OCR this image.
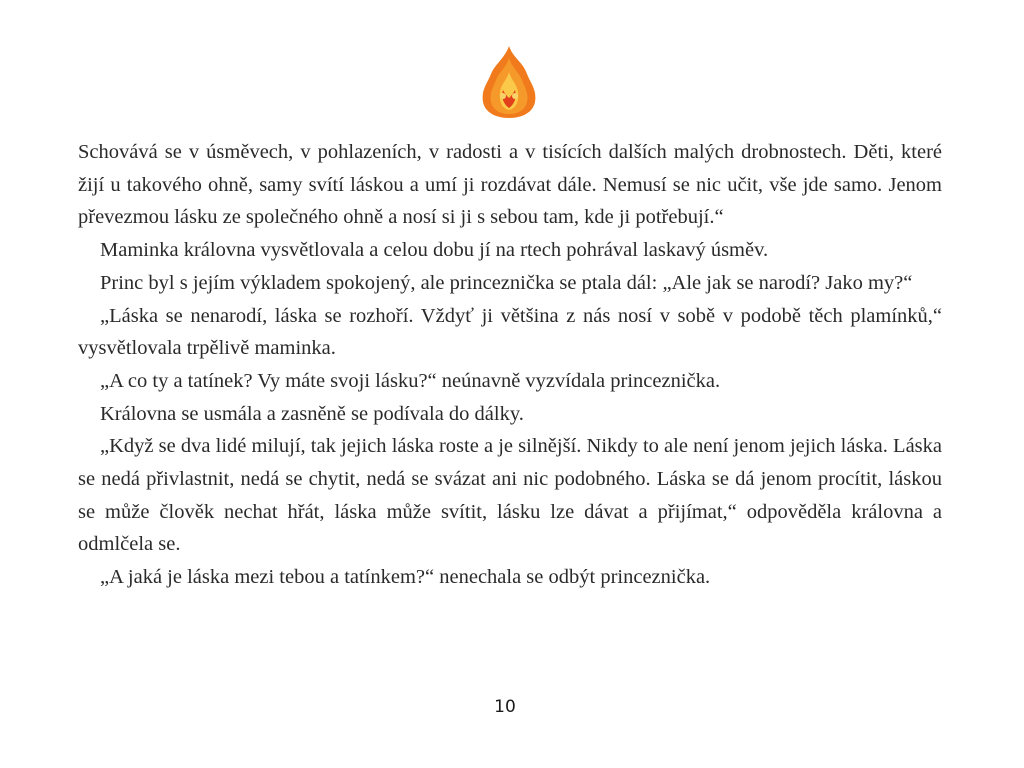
Schovává se v úsměvech, v pohlazeních, v radosti a v tisících dalších malých drobnostech. Děti, které žijí u takového ohně, samy svítí láskou a umí ji rozdávat dále. Nemusí se nic učit, vše jde samo. Jenom převezmou lásku ze společného ohně a nosí si ji s sebou tam, kde ji potřebují.“

Maminka královna vysvětlovala a celou dobu jí na rtech pohrával laskavý úsměv.

Princ byl s jejím výkladem spokojený, ale princeznička se ptala dál: „Ale jak se narodí? Jako my?“

„Láska se nenarodí, láska se rozhoří. Vždyť ji většina z nás nosí v sobě v podobě těch plamínků,“ vysvětlovala trpělivě maminka.

„A co ty a tatínek? Vy máte svoji lásku?“ neúnavně vyzvídala princeznička.

Královna se usmála a zasněně se podívala do dálky.

„Když se dva lidé milují, tak jejich láska roste a je silnější. Nikdy to ale není jenom jejich láska. Láska se nedá přivlastnit, nedá se chytit, nedá se svázat ani nic podobného. Láska se dá jenom procítit, láskou se může člověk nechat hřát, láska může svítit, lásku lze dávat a přijímat,“ odpověděla královna a odmlčela se.

„A jaká je láska mezi tebou a tatínkem?“ nenechala se odbýt princeznička.

10
